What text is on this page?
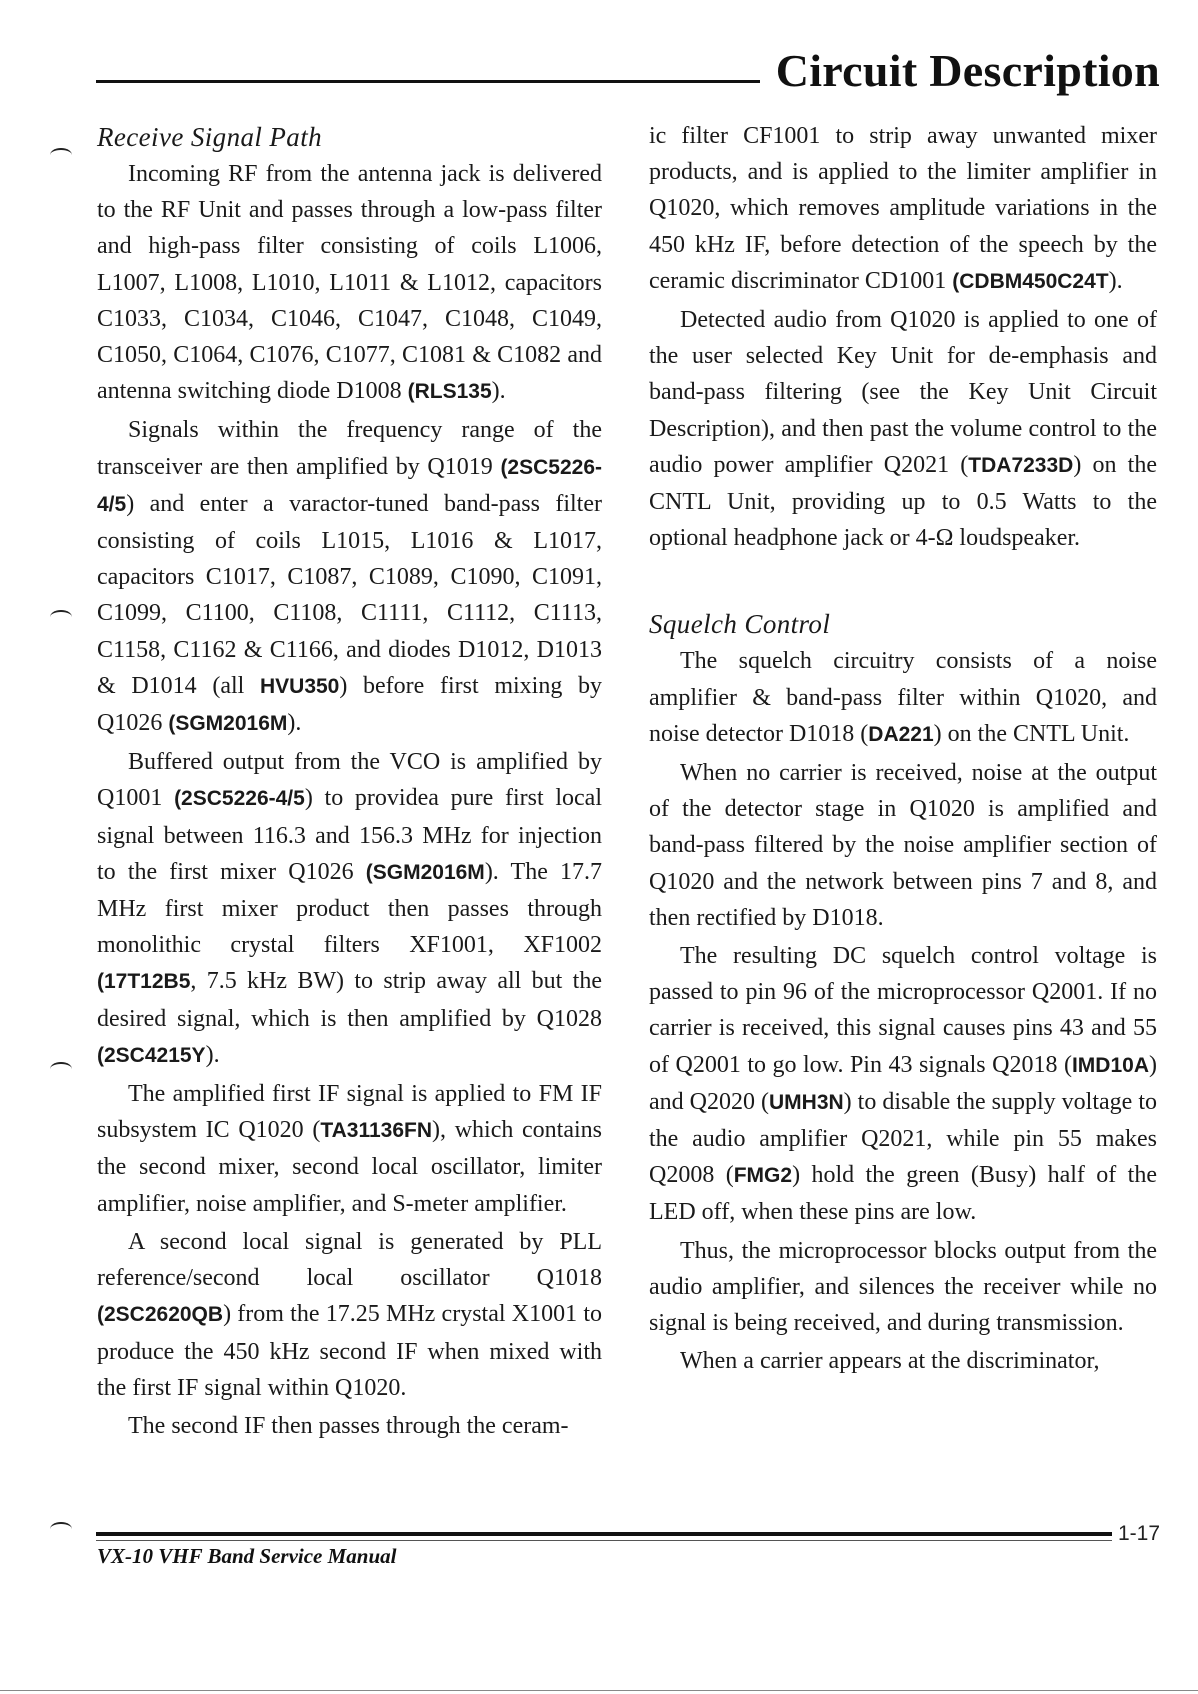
Circuit Description
Receive Signal Path

Incoming RF from the antenna jack is delivered to the RF Unit and passes through a low-pass filter and high-pass filter consisting of coils L1006, L1007, L1008, L1010, L1011 & L1012, capacitors C1033, C1034, C1046, C1047, C1048, C1049, C1050, C1064, C1076, C1077, C1081 & C1082 and antenna switching diode D1008 (RLS135).

Signals within the frequency range of the transceiver are then amplified by Q1019 (2SC5226-4/5) and enter a varactor-tuned band-pass filter consisting of coils L1015, L1016 & L1017, capacitors C1017, C1087, C1089, C1090, C1091, C1099, C1100, C1108, C1111, C1112, C1113, C1158, C1162 & C1166, and diodes D1012, D1013 & D1014 (all HVU350) before first mixing by Q1026 (SGM2016M).

Buffered output from the VCO is amplified by Q1001 (2SC5226-4/5) to providea pure first local signal between 116.3 and 156.3 MHz for injection to the first mixer Q1026 (SGM2016M). The 17.7 MHz first mixer product then passes through monolithic crystal filters XF1001, XF1002 (17T12B5, 7.5 kHz BW) to strip away all but the desired signal, which is then amplified by Q1028 (2SC4215Y).

The amplified first IF signal is applied to FM IF subsystem IC Q1020 (TA31136FN), which contains the second mixer, second local oscillator, limiter amplifier, noise amplifier, and S-meter amplifier.

A second local signal is generated by PLL reference/second local oscillator Q1018 (2SC2620QB) from the 17.25 MHz crystal X1001 to produce the 450 kHz second IF when mixed with the first IF signal within Q1020.

The second IF then passes through the ceram-

ic filter CF1001 to strip away unwanted mixer products, and is applied to the limiter amplifier in Q1020, which removes amplitude variations in the 450 kHz IF, before detection of the speech by the ceramic discriminator CD1001 (CDBM450C24T).

Detected audio from Q1020 is applied to one of the user selected Key Unit for de-emphasis and band-pass filtering (see the Key Unit Circuit Description), and then past the volume control to the audio power amplifier Q2021 (TDA7233D) on the CNTL Unit, providing up to 0.5 Watts to the optional headphone jack or 4-Ω loudspeaker.

Squelch Control

The squelch circuitry consists of a noise amplifier & band-pass filter within Q1020, and noise detector D1018 (DA221) on the CNTL Unit.

When no carrier is received, noise at the output of the detector stage in Q1020 is amplified and band-pass filtered by the noise amplifier section of Q1020 and the network between pins 7 and 8, and then rectified by D1018.

The resulting DC squelch control voltage is passed to pin 96 of the microprocessor Q2001. If no carrier is received, this signal causes pins 43 and 55 of Q2001 to go low. Pin 43 signals Q2018 (IMD10A) and Q2020 (UMH3N) to disable the supply voltage to the audio amplifier Q2021, while pin 55 makes Q2008 (FMG2) hold the green (Busy) half of the LED off, when these pins are low.

Thus, the microprocessor blocks output from the audio amplifier, and silences the receiver while no signal is being received, and during transmission.

When a carrier appears at the discriminator,

1-17
VX-10 VHF Band Service Manual
